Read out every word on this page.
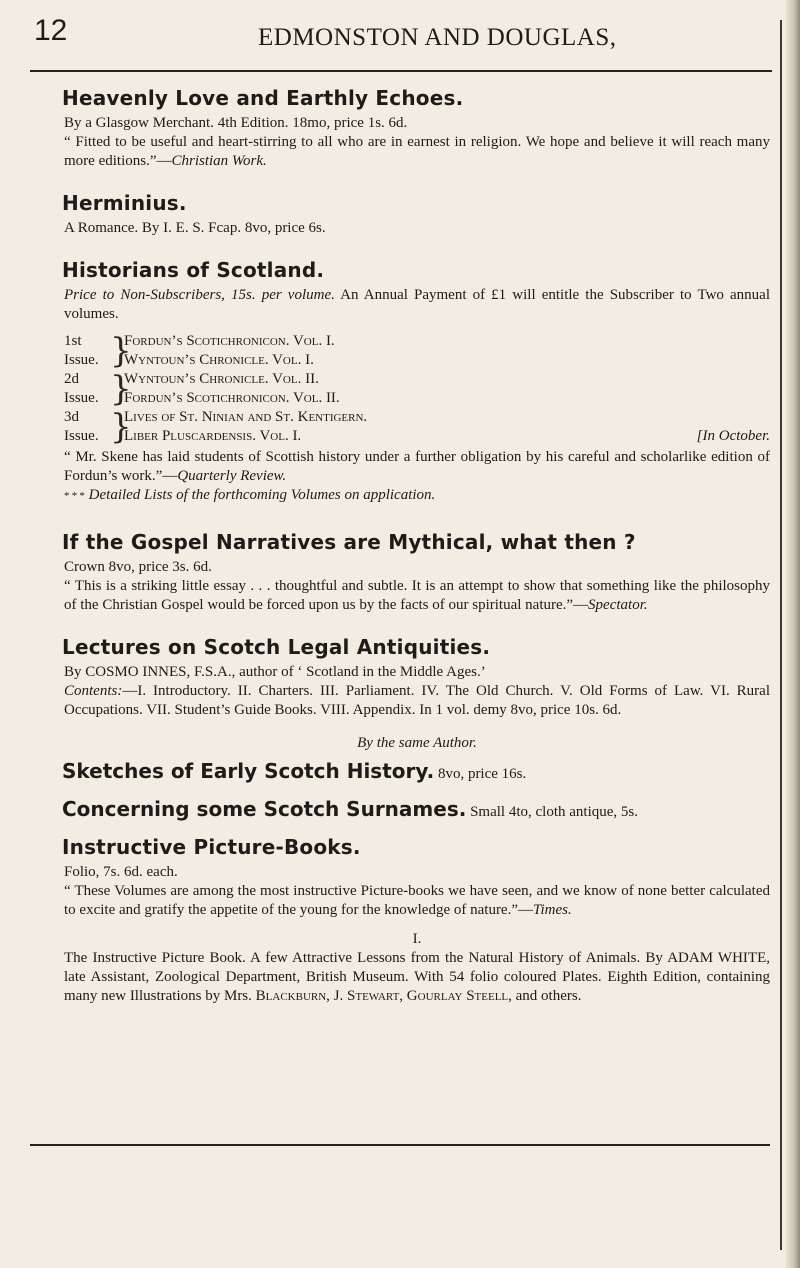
12	EDMONSTON AND DOUGLAS,
Heavenly Love and Earthly Echoes.

By a Glasgow Merchant. 4th Edition. 18mo, price 1s. 6d.

“ Fitted to be useful and heart-stirring to all who are in earnest in religion. We hope and believe it will reach many more editions.”—Christian Work.

Herminius.

A Romance. By I. E. S. Fcap. 8vo, price 6s.

Historians of Scotland.

Price to Non-Subscribers, 15s. per volume. An Annual Payment of £1 will entitle the Subscriber to Two annual volumes.

1st
Issue. }
Fordun’s Scotichronicon. Vol. I.
Wyntoun’s Chronicle. Vol. I.
2d
Issue. }
Wyntoun’s Chronicle. Vol. II.
Fordun’s Scotichronicon. Vol. II.
3d
Issue. }
Lives of St. Ninian and St. Kentigern.
Liber Pluscardensis. Vol. I.	[In October.

“ Mr. Skene has laid students of Scottish history under a further obligation by his careful and scholarlike edition of Fordun’s work.”—Quarterly Review.

* * * Detailed Lists of the forthcoming Volumes on application.

If the Gospel Narratives are Mythical, what then ?

Crown 8vo, price 3s. 6d.

“ This is a striking little essay . . . thoughtful and subtle. It is an attempt to show that something like the philosophy of the Christian Gospel would be forced upon us by the facts of our spiritual nature.”—Spectator.

Lectures on Scotch Legal Antiquities.

By COSMO INNES, F.S.A., author of ‘ Scotland in the Middle Ages.’

Contents:—I. Introductory. II. Charters. III. Parliament. IV. The Old Church. V. Old Forms of Law. VI. Rural Occupations. VII. Student’s Guide Books. VIII. Appendix. In 1 vol. demy 8vo, price 10s. 6d.

By the same Author.

Sketches of Early Scotch History. 8vo, price 16s.
Concerning some Scotch Surnames. Small 4to, cloth antique, 5s.
Instructive Picture-Books.

Folio, 7s. 6d. each.

“ These Volumes are among the most instructive Picture-books we have seen, and we know of none better calculated to excite and gratify the appetite of the young for the knowledge of nature.”—Times.

I.

The Instructive Picture Book. A few Attractive Lessons from the Natural History of Animals. By ADAM WHITE, late Assistant, Zoological Department, British Museum. With 54 folio coloured Plates. Eighth Edition, containing many new Illustrations by Mrs. Blackburn, J. Stewart, Gourlay Steell, and others.
